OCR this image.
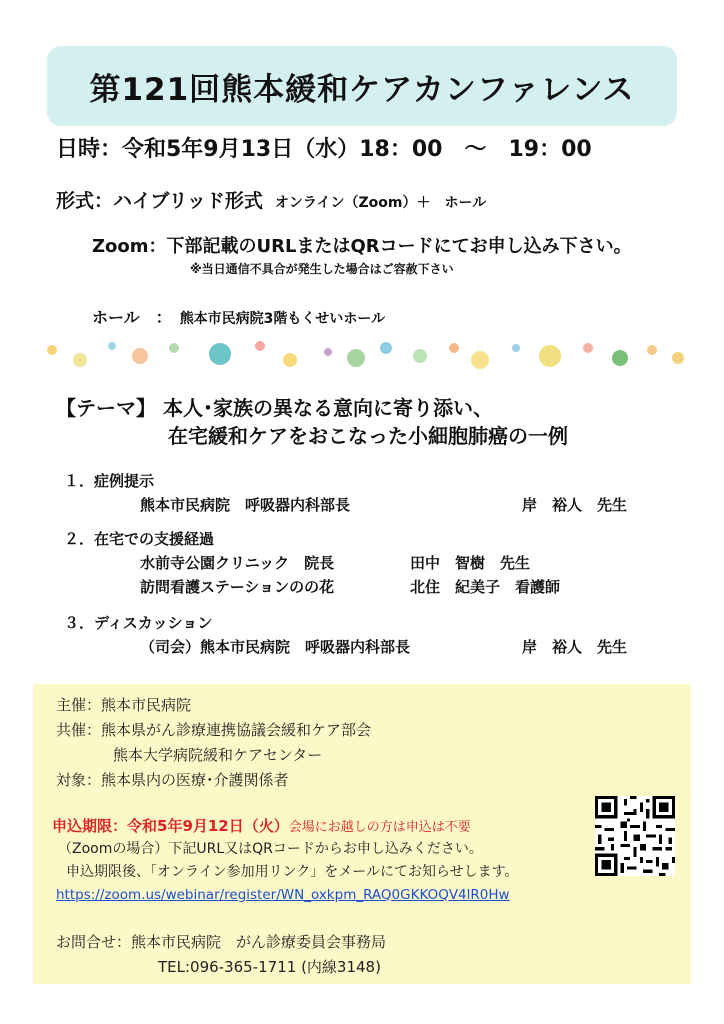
第121回熊本緩和ケアカンファレンス
日時：令和5年9月13日（水）18：00　～　19：00
形式：ハイブリッド形式 オンライン（Zoom）＋　ホール
Zoom：下部記載のURLまたはQRコードにてお申し込み下さい。
※当日通信不具合が発生した場合はご容赦下さい
ホール　： 熊本市民病院3階もくせいホール
【テーマ】 本人･家族の異なる意向に寄り添い、
在宅緩和ケアをおこなった小細胞肺癌の一例
１．症例提示
熊本市民病院　呼吸器内科部長	岸　裕人　先生
２．在宅での支援経過
水前寺公園クリニック　院長	田中　智樹　先生
訪問看護ステーションのの花	北住　紀美子　看護師
３．ディスカッション
（司会）熊本市民病院　呼吸器内科部長	岸　裕人　先生
主催：熊本市民病院
共催：熊本県がん診療連携協議会緩和ケア部会
熊本大学病院緩和ケアセンター
対象：熊本県内の医療･介護関係者
申込期限：令和5年9月12日（火）会場にお越しの方は申込は不要
（Zoomの場合）下記URL又はQRコードからお申し込みください。
申込期限後、「オンライン参加用リンク」をメールにてお知らせします。
https://zoom.us/webinar/register/WN_oxkpm_RAQ0GKKOQV4lR0Hw
お問合せ：熊本市民病院　がん診療委員会事務局
TEL:096-365-1711 (内線3148)
